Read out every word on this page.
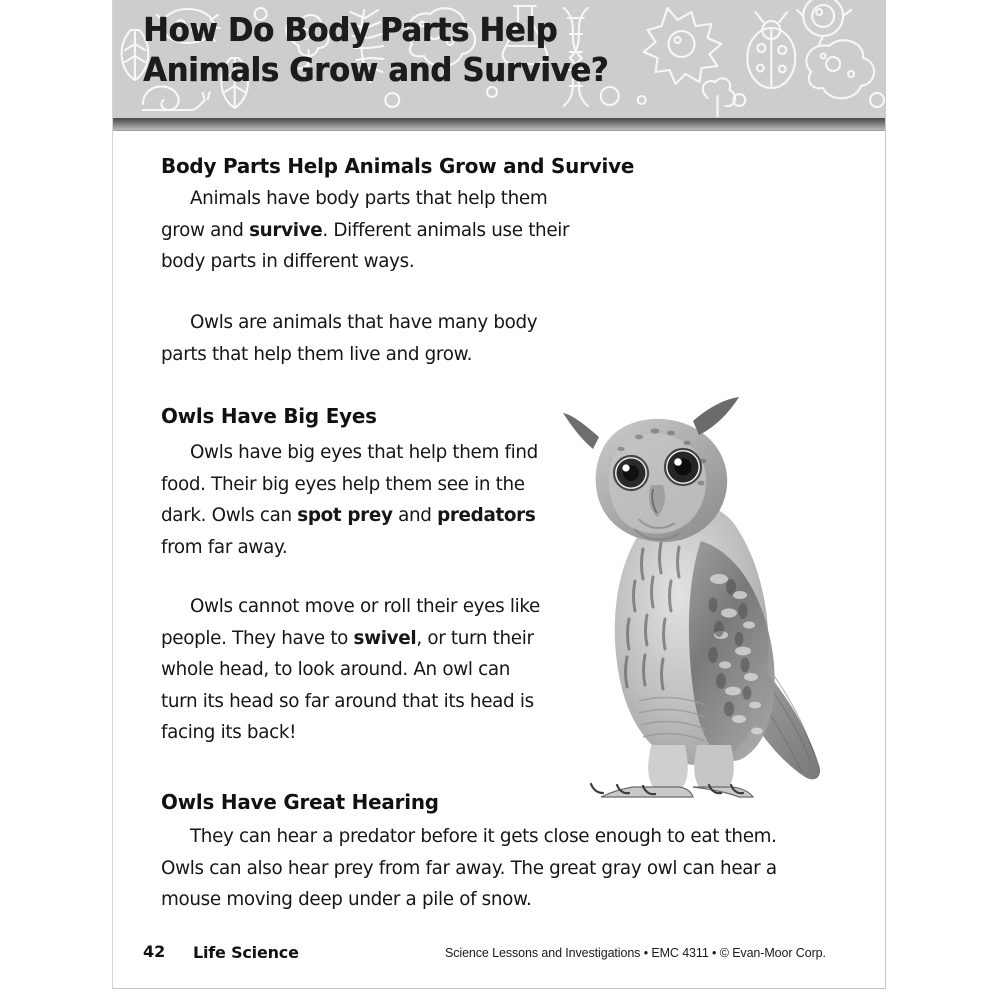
How Do Body Parts Help
Animals Grow and Survive?
Body Parts Help Animals Grow and Survive

Animals have body parts that help them grow and survive. Different animals use their body parts in different ways.

Owls are animals that have many body parts that help them live and grow.

Owls Have Big Eyes

Owls have big eyes that help them find food. Their big eyes help them see in the dark. Owls can spot prey and predators from far away.

Owls cannot move or roll their eyes like people. They have to swivel, or turn their whole head, to look around. An owl can turn its head so far around that its head is facing its back!

Owls Have Great Hearing

They can hear a predator before it gets close enough to eat them. Owls can also hear prey from far away. The great gray owl can hear a mouse moving deep under a pile of snow.

42 Life Science	Science Lessons and Investigations • EMC 4311 • © Evan-Moor Corp.
